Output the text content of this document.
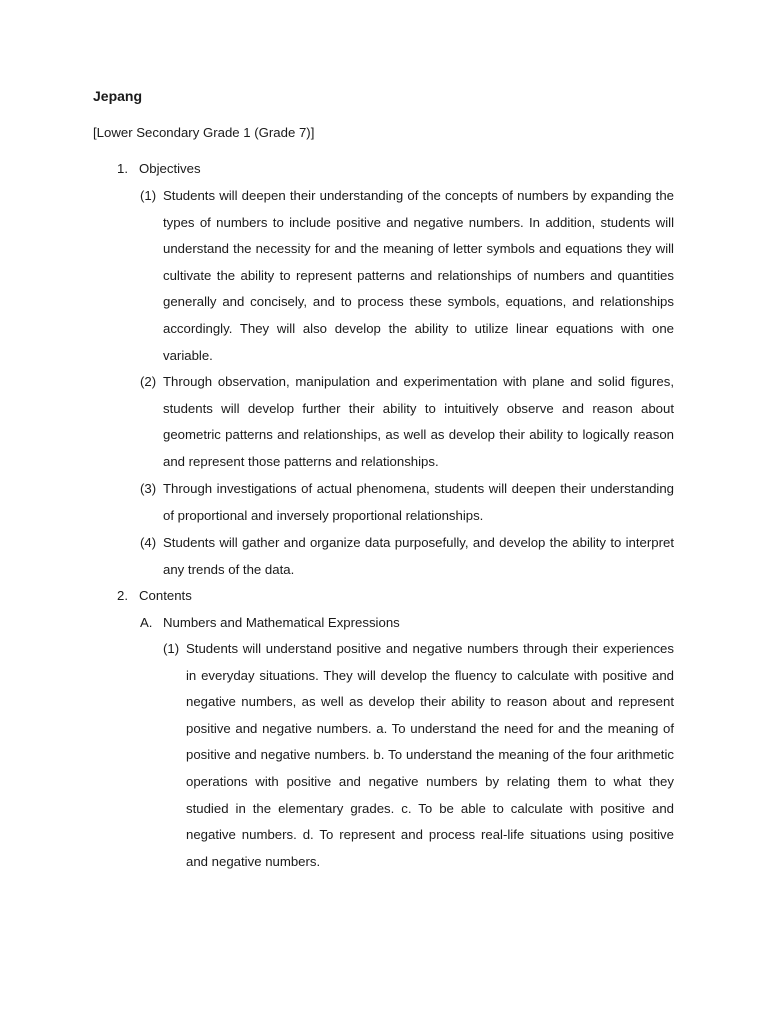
Jepang
[Lower Secondary Grade 1 (Grade 7)]
1. Objectives
(1) Students will deepen their understanding of the concepts of numbers by expanding the types of numbers to include positive and negative numbers. In addition, students will understand the necessity for and the meaning of letter symbols and equations they will cultivate the ability to represent patterns and relationships of numbers and quantities generally and concisely, and to process these symbols, equations, and relationships accordingly. They will also develop the ability to utilize linear equations with one variable.
(2) Through observation, manipulation and experimentation with plane and solid figures, students will develop further their ability to intuitively observe and reason about geometric patterns and relationships, as well as develop their ability to logically reason and represent those patterns and relationships.
(3) Through investigations of actual phenomena, students will deepen their understanding of proportional and inversely proportional relationships.
(4) Students will gather and organize data purposefully, and develop the ability to interpret any trends of the data.
2. Contents
A. Numbers and Mathematical Expressions
(1) Students will understand positive and negative numbers through their experiences in everyday situations. They will develop the fluency to calculate with positive and negative numbers, as well as develop their ability to reason about and represent positive and negative numbers. a. To understand the need for and the meaning of positive and negative numbers. b. To understand the meaning of the four arithmetic operations with positive and negative numbers by relating them to what they studied in the elementary grades. c. To be able to calculate with positive and negative numbers. d. To represent and process real-life situations using positive and negative numbers.
